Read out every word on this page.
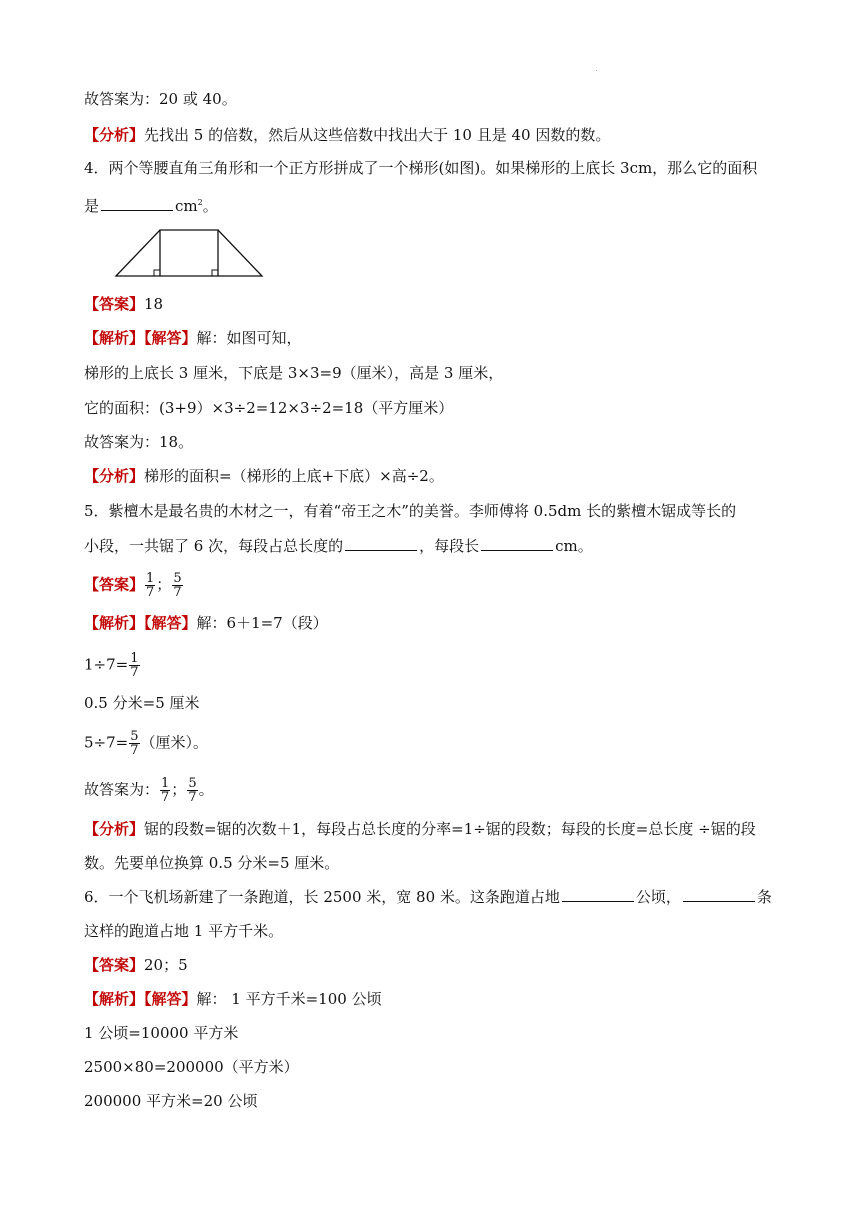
故答案为：20 或 40。
【分析】先找出 5 的倍数，然后从这些倍数中找出大于 10 且是 40 因数的数。
4．两个等腰直角三角形和一个正方形拼成了一个梯形(如图)。如果梯形的上底长 3cm，那么它的面积
是	$cm^2$。
【答案】18
【解析】【解答】解：如图可知，
梯形的上底长 3 厘米，下底是 3×3=9（厘米），高是 3 厘米，
它的面积：(3+9）×3÷2=12×3÷2=18（平方厘米）
故答案为：18。
【分析】梯形的面积=（梯形的上底+下底）×高÷2。
5．紫檀木是最名贵的木材之一，有着“帝王之木”的美誉。李师傅将 0.5dm 长的紫檀木锯成等长的
小段，一共锯了 6 次，每段占总长度的	，每段长	cm。
【答案】 $\frac{1}{7}$ ； $\frac{5}{7}$
【解析】【解答】解：6＋1=7（段）
$1\div 7= \frac{1}{7}$
0.5 分米=5 厘米
$5\div 7= \frac{5}{7}$ （厘米）。
故答案为： $\frac{1}{7}$ ； $\frac{5}{7}$ 。
【分析】锯的段数=锯的次数＋1，每段占总长度的分率=1÷锯的段数；每段的长度=总长度 ÷锯的段
数。先要单位换算 0.5 分米=5 厘米。
6．一个飞机场新建了一条跑道，长 2500 米，宽 80 米。这条跑道占地	公顷，	条
这样的跑道占地 1 平方千米。
【答案】20；5
【解析】【解答】解： 1 平方千米=100 公顷
1 公顷=10000 平方米
2500×80=200000（平方米）
200000 平方米=20 公顷
